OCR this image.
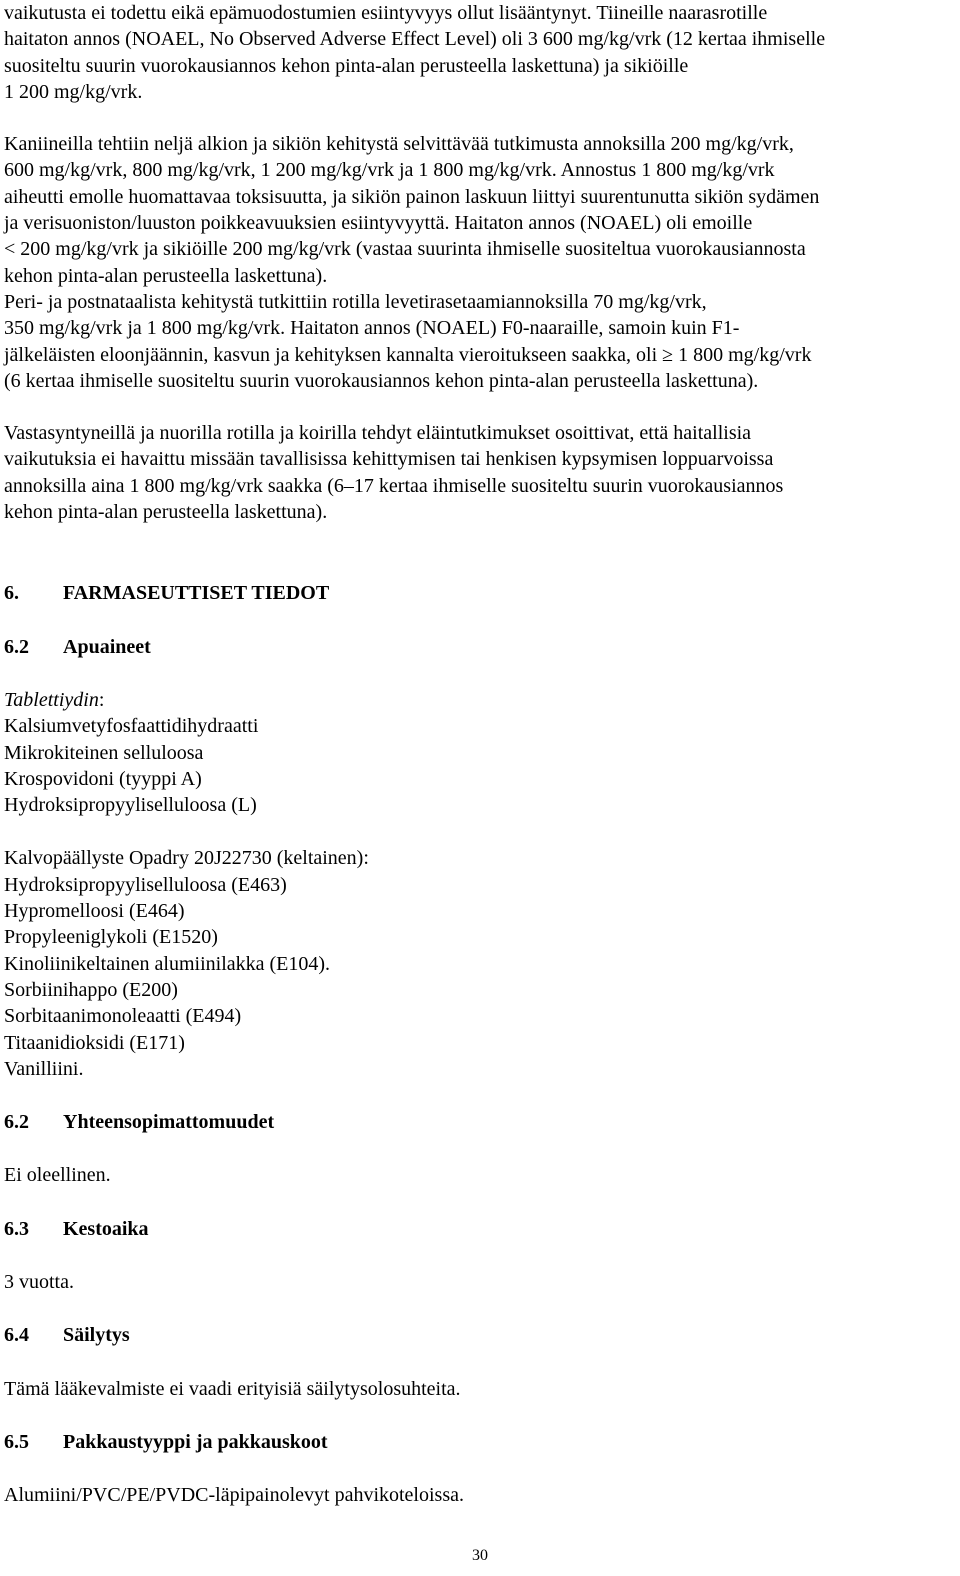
vaikutusta ei todettu eikä epämuodostumien esiintyvyys ollut lisääntynyt. Tiineille naarasrotille

haitaton annos (NOAEL, No Observed Adverse Effect Level) oli 3 600 mg/kg/vrk (12 kertaa ihmiselle

suositeltu suurin vuorokausiannos kehon pinta-alan perusteella laskettuna) ja sikiöille

1 200 mg/kg/vrk.

Kaniineilla tehtiin neljä alkion ja sikiön kehitystä selvittävää tutkimusta annoksilla 200 mg/kg/vrk,

600 mg/kg/vrk, 800 mg/kg/vrk, 1 200 mg/kg/vrk ja 1 800 mg/kg/vrk. Annostus 1 800 mg/kg/vrk

aiheutti emolle huomattavaa toksisuutta, ja sikiön painon laskuun liittyi suurentunutta sikiön sydämen

ja verisuoniston/luuston poikkeavuuksien esiintyvyyttä. Haitaton annos (NOAEL) oli emoille

< 200 mg/kg/vrk ja sikiöille 200 mg/kg/vrk (vastaa suurinta ihmiselle suositeltua vuorokausiannosta

kehon pinta-alan perusteella laskettuna).

Peri- ja postnataalista kehitystä tutkittiin rotilla levetirasetaamiannoksilla 70 mg/kg/vrk,

350 mg/kg/vrk ja 1 800 mg/kg/vrk. Haitaton annos (NOAEL) F0-naaraille, samoin kuin F1-

jälkeläisten eloonjäännin, kasvun ja kehityksen kannalta vieroitukseen saakka, oli ≥ 1 800 mg/kg/vrk

(6 kertaa ihmiselle suositeltu suurin vuorokausiannos kehon pinta-alan perusteella laskettuna).

Vastasyntyneillä ja nuorilla rotilla ja koirilla tehdyt eläintutkimukset osoittivat, että haitallisia

vaikutuksia ei havaittu missään tavallisissa kehittymisen tai henkisen kypsymisen loppuarvoissa

annoksilla aina 1 800 mg/kg/vrk saakka (6–17 kertaa ihmiselle suositeltu suurin vuorokausiannos

kehon pinta-alan perusteella laskettuna).

6. FARMASEUTTISET TIEDOT

6.2 Apuaineet

Tablettiydin:

Kalsiumvetyfosfaattidihydraatti

Mikrokiteinen selluloosa

Krospovidoni (tyyppi A)

Hydroksipropyyliselluloosa (L)

Kalvopäällyste Opadry 20J22730 (keltainen):

Hydroksipropyyliselluloosa (E463)

Hypromelloosi (E464)

Propyleeniglykoli (E1520)

Kinoliinikeltainen alumiinilakka (E104).

Sorbiinihappo (E200)

Sorbitaanimonoleaatti (E494)

Titaanidioksidi (E171)

Vanilliini.

6.2 Yhteensopimattomuudet

Ei oleellinen.

6.3 Kestoaika

3 vuotta.

6.4 Säilytys

Tämä lääkevalmiste ei vaadi erityisiä säilytysolosuhteita.

6.5 Pakkaustyyppi ja pakkauskoot

Alumiini/PVC/PE/PVDC-läpipainolevyt pahvikoteloissa.

30
